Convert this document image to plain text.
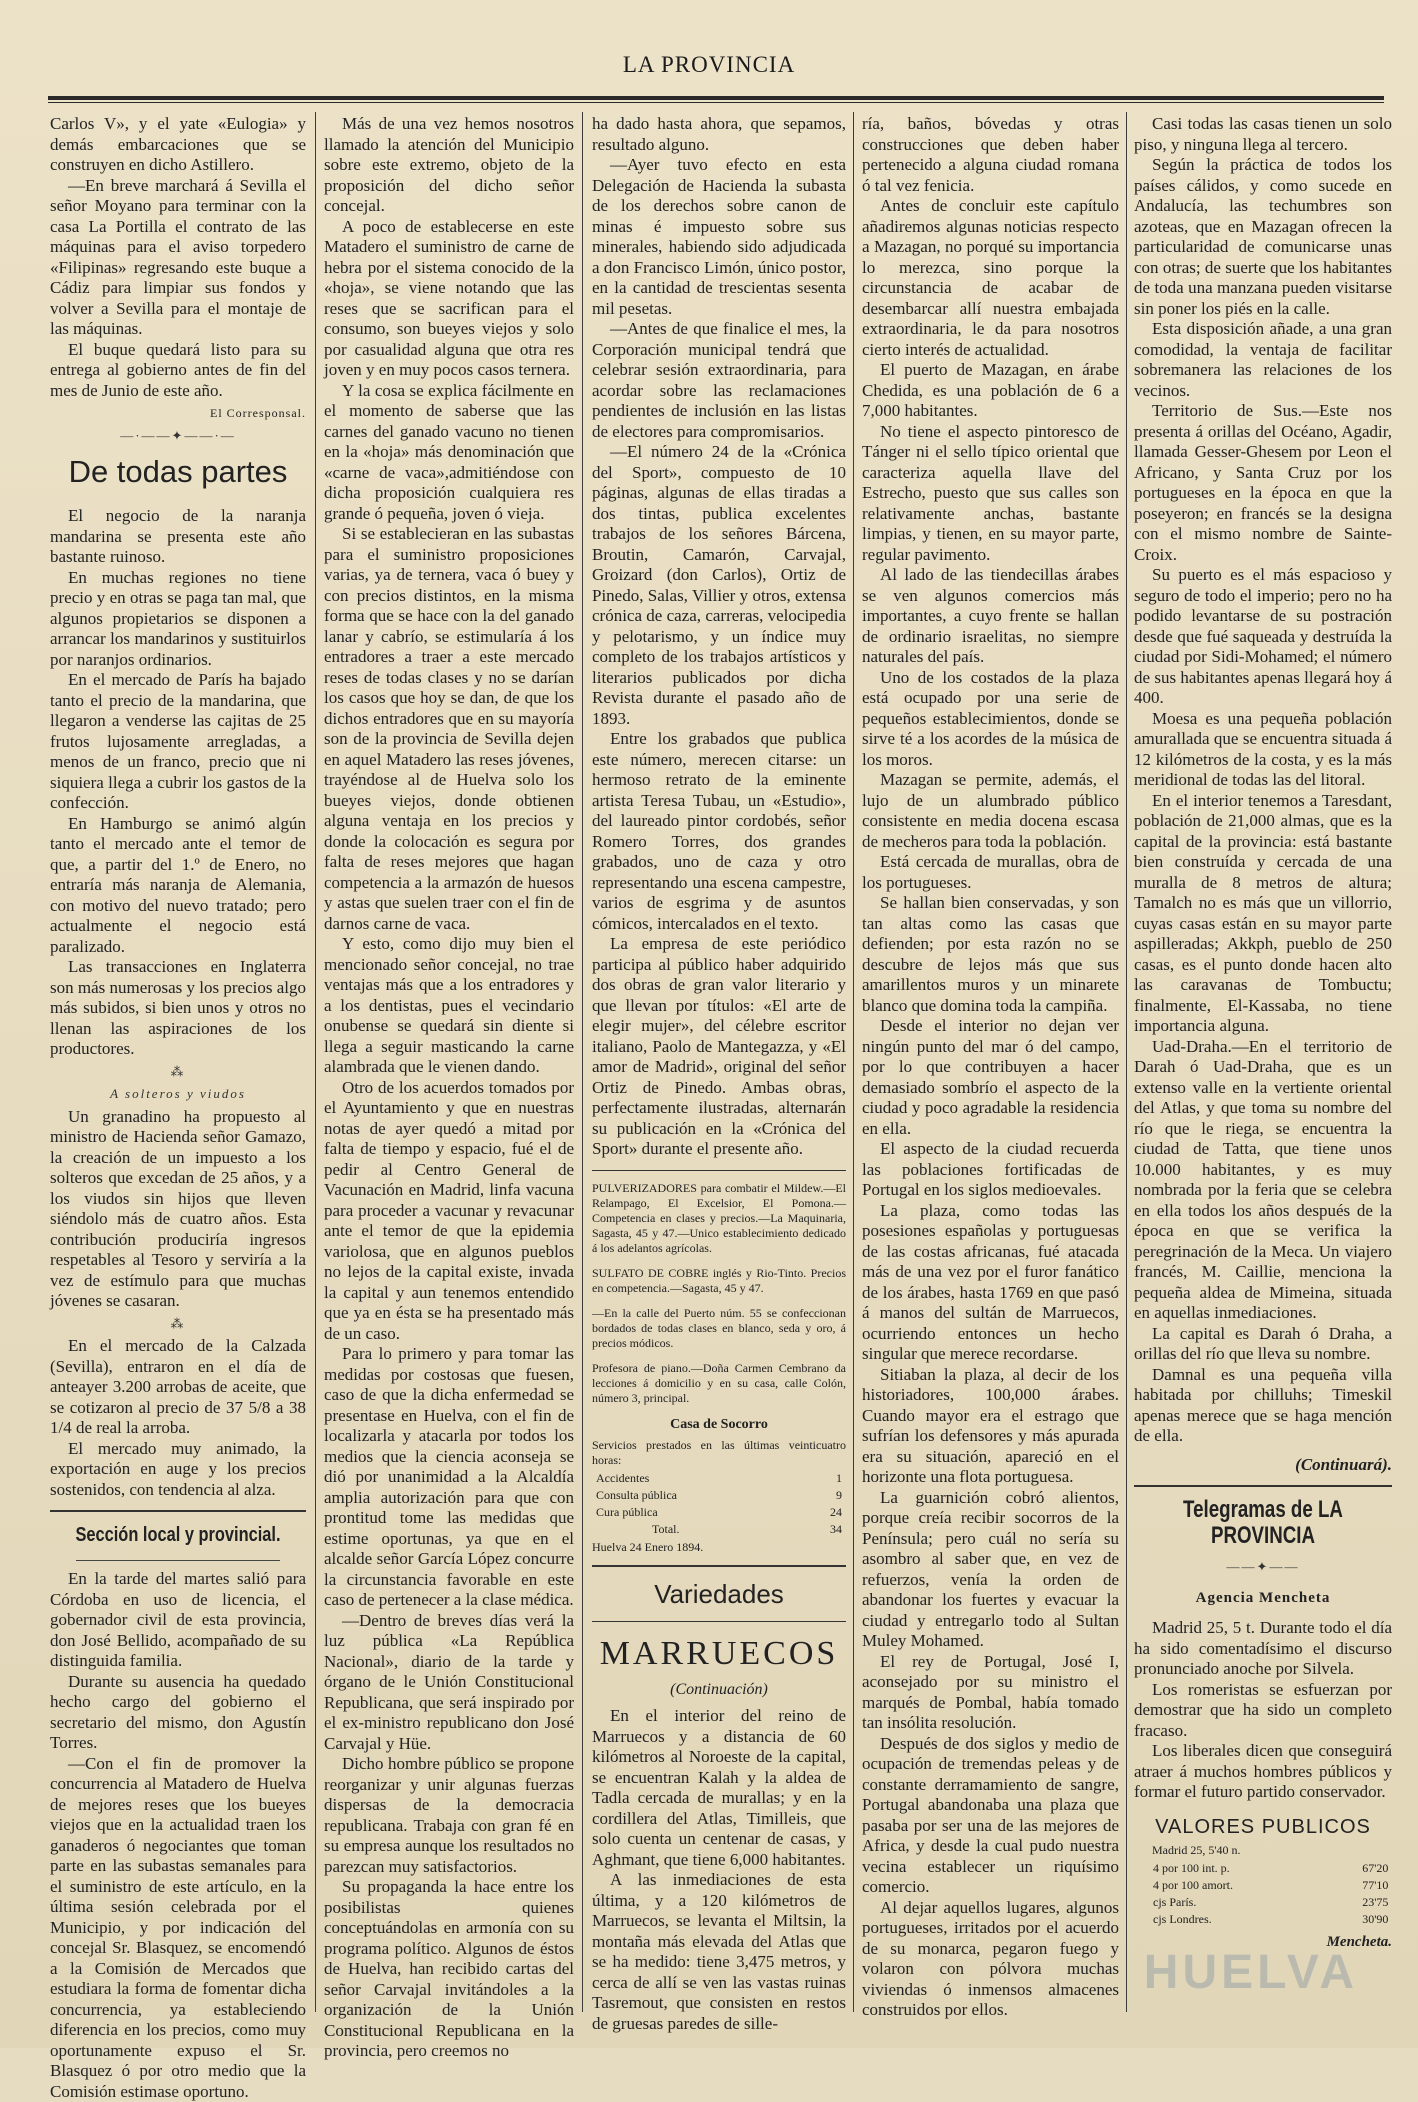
LA PROVINCIA

Carlos V», y el yate «Eulogia» y demás embarcaciones que se construyen en dicho Astillero.

—En breve marchará á Sevilla el señor Moyano para terminar con la casa La Portilla el contrato de las máquinas para el aviso torpedero «Filipinas» regresando este buque a Cádiz para limpiar sus fondos y volver a Sevilla para el montaje de las máquinas.

El buque quedará listo para su entrega al gobierno antes de fin del mes de Junio de este año.

El Corresponsal.
—·——✦——·—
De todas partes

El negocio de la naranja mandarina se presenta este año bastante ruinoso.

En muchas regiones no tiene precio y en otras se paga tan mal, que algunos propietarios se disponen a arrancar los mandarinos y sustituirlos por naranjos ordinarios.

En el mercado de París ha bajado tanto el precio de la mandarina, que llegaron a venderse las cajitas de 25 frutos lujosamente arregladas, a menos de un franco, precio que ni siquiera llega a cubrir los gastos de la confección.

En Hamburgo se animó algún tanto el mercado ante el temor de que, a partir del 1.º de Enero, no entraría más naranja de Alemania, con motivo del nuevo tratado; pero actualmente el negocio está paralizado.

Las transacciones en Inglaterra son más numerosas y los precios algo más subidos, si bien unos y otros no llenan las aspiraciones de los productores.

⁂
A solteros y viudos

Un granadino ha propuesto al ministro de Hacienda señor Gamazo, la creación de un impuesto a los solteros que excedan de 25 años, y a los viudos sin hijos que lleven siéndolo más de cuatro años. Esta contribución produciría ingresos respetables al Tesoro y serviría a la vez de estímulo para que muchas jóvenes se casaran.

⁂

En el mercado de la Calzada (Sevilla), entraron en el día de anteayer 3.200 arrobas de aceite, que se cotizaron al precio de 37 5/8 a 38 1/4 de real la arroba.

El mercado muy animado, la exportación en auge y los precios sostenidos, con tendencia al alza.

Sección local y provincial.

En la tarde del martes salió para Córdoba en uso de licencia, el gobernador civil de esta provincia, don José Bellido, acompañado de su distinguida familia.

Durante su ausencia ha quedado hecho cargo del gobierno el secretario del mismo, don Agustín Torres.

—Con el fin de promover la concurrencia al Matadero de Huelva de mejores reses que los bueyes viejos que en la actualidad traen los ganaderos ó negociantes que toman parte en las subastas semanales para el suministro de este artículo, en la última sesión celebrada por el Municipio, y por indicación del concejal Sr. Blasquez, se encomendó a la Comisión de Mercados que estudiara la forma de fomentar dicha concurrencia, ya estableciendo diferencia en los precios, como muy oportunamente expuso el Sr. Blasquez ó por otro medio que la Comisión estimase oportuno.

Más de una vez hemos nosotros llamado la atención del Municipio sobre este extremo, objeto de la proposición del dicho señor concejal.

A poco de establecerse en este Matadero el suministro de carne de hebra por el sistema conocido de la «hoja», se viene notando que las reses que se sacrifican para el consumo, son bueyes viejos y solo por casualidad alguna que otra res joven y en muy pocos casos ternera.

Y la cosa se explica fácilmente en el momento de saberse que las carnes del ganado vacuno no tienen en la «hoja» más denominación que «carne de vaca»,admitiéndose con dicha proposición cualquiera res grande ó pequeña, joven ó vieja.

Si se establecieran en las subastas para el suministro proposiciones varias, ya de ternera, vaca ó buey y con precios distintos, en la misma forma que se hace con la del ganado lanar y cabrío, se estimularía á los entradores a traer a este mercado reses de todas clases y no se darían los casos que hoy se dan, de que los dichos entradores que en su mayoría son de la provincia de Sevilla dejen en aquel Matadero las reses jóvenes, trayéndose al de Huelva solo los bueyes viejos, donde obtienen alguna ventaja en los precios y donde la colocación es segura por falta de reses mejores que hagan competencia a la armazón de huesos y astas que suelen traer con el fin de darnos carne de vaca.

Y esto, como dijo muy bien el mencionado señor concejal, no trae ventajas más que a los entradores y a los dentistas, pues el vecindario onubense se quedará sin diente si llega a seguir masticando la carne alambrada que le vienen dando.

Otro de los acuerdos tomados por el Ayuntamiento y que en nuestras notas de ayer quedó a mitad por falta de tiempo y espacio, fué el de pedir al Centro General de Vacunación en Madrid, linfa vacuna para proceder a vacunar y revacunar ante el temor de que la epidemia variolosa, que en algunos pueblos no lejos de la capital existe, invada la capital y aun tenemos entendido que ya en ésta se ha presentado más de un caso.

Para lo primero y para tomar las medidas por costosas que fuesen, caso de que la dicha enfermedad se presentase en Huelva, con el fin de localizarla y atacarla por todos los medios que la ciencia aconseja se dió por unanimidad a la Alcaldía amplia autorización para que con prontitud tome las medidas que estime oportunas, ya que en el alcalde señor García López concurre la circunstancia favorable en este caso de pertenecer a la clase médica.

—Dentro de breves días verá la luz pública «La República Nacional», diario de la tarde y órgano de le Unión Constitucional Republicana, que será inspirado por el ex-ministro republicano don José Carvajal y Hüe.

Dicho hombre público se propone reorganizar y unir algunas fuerzas dispersas de la democracia republicana. Trabaja con gran fé en su empresa aunque los resultados no parezcan muy satisfactorios.

Su propaganda la hace entre los posibilistas quienes conceptuándolas en armonía con su programa político. Algunos de éstos de Huelva, han recibido cartas del señor Carvajal invitándoles a la organización de la Unión Constitucional Republicana en la provincia, pero creemos no

ha dado hasta ahora, que sepamos, resultado alguno.

—Ayer tuvo efecto en esta Delegación de Hacienda la subasta de los derechos sobre canon de minas é impuesto sobre sus minerales, habiendo sido adjudicada a don Francisco Limón, único postor, en la cantidad de trescientas sesenta mil pesetas.

—Antes de que finalice el mes, la Corporación municipal tendrá que celebrar sesión extraordinaria, para acordar sobre las reclamaciones pendientes de inclusión en las listas de electores para compromisarios.

—El número 24 de la «Crónica del Sport», compuesto de 10 páginas, algunas de ellas tiradas a dos tintas, publica excelentes trabajos de los señores Bárcena, Broutin, Camarón, Carvajal, Groizard (don Carlos), Ortiz de Pinedo, Salas, Villier y otros, extensa crónica de caza, carreras, velocipedia y pelotarismo, y un índice muy completo de los trabajos artísticos y literarios publicados por dicha Revista durante el pasado año de 1893.

Entre los grabados que publica este número, merecen citarse: un hermoso retrato de la eminente artista Teresa Tubau, un «Estudio», del laureado pintor cordobés, señor Romero Torres, dos grandes grabados, uno de caza y otro representando una escena campestre, varios de esgrima y de asuntos cómicos, intercalados en el texto.

La empresa de este periódico participa al público haber adquirido dos obras de gran valor literario y que llevan por títulos: «El arte de elegir mujer», del célebre escritor italiano, Paolo de Mantegazza, y «El amor de Madrid», original del señor Ortiz de Pinedo. Ambas obras, perfectamente ilustradas, alternarán su publicación en la «Crónica del Sport» durante el presente año.

PULVERIZADORES para combatir el Mildew.—El Relampago, El Excelsior, El Pomona.—Competencia en clases y precios.—La Maquinaria, Sagasta, 45 y 47.—Unico establecimiento dedicado á los adelantos agrícolas.
SULFATO DE COBRE inglés y Rio-Tinto. Precios en competencia.—Sagasta, 45 y 47.
—En la calle del Puerto núm. 55 se confeccionan bordados de todas clases en blanco, seda y oro, á precios módicos.
Profesora de piano.—Doña Carmen Cembrano da lecciones á domicilio y en su casa, calle Colón, número 3, principal.
Casa de Socorro
Servicios prestados en las últimas veinticuatro horas:
Accidentes	1
Consulta pública	9
Cura pública	24
Total.	34
Huelva 24 Enero 1894.
Variedades
MARRUECOS
(Continuación)

En el interior del reino de Marruecos y a distancia de 60 kilómetros al Noroeste de la capital, se encuentran Kalah y la aldea de Tadla cercada de murallas; y en la cordillera del Atlas, Timilleis, que solo cuenta un centenar de casas, y Aghmant, que tiene 6,000 habitantes.

A las inmediaciones de esta última, y a 120 kilómetros de Marruecos, se levanta el Miltsin, la montaña más elevada del Atlas que se ha medido: tiene 3,475 metros, y cerca de allí se ven las vastas ruinas Tasremout, que consisten en restos de gruesas paredes de sille-

ría, baños, bóvedas y otras construcciones que deben haber pertenecido a alguna ciudad romana ó tal vez fenicia.

Antes de concluir este capítulo añadiremos algunas noticias respecto a Mazagan, no porqué su importancia lo merezca, sino porque la circunstancia de acabar de desembarcar allí nuestra embajada extraordinaria, le da para nosotros cierto interés de actualidad.

El puerto de Mazagan, en árabe Chedida, es una población de 6 a 7,000 habitantes.

No tiene el aspecto pintoresco de Tánger ni el sello típico oriental que caracteriza aquella llave del Estrecho, puesto que sus calles son relativamente anchas, bastante limpias, y tienen, en su mayor parte, regular pavimento.

Al lado de las tiendecillas árabes se ven algunos comercios más importantes, a cuyo frente se hallan de ordinario israelitas, no siempre naturales del país.

Uno de los costados de la plaza está ocupado por una serie de pequeños establecimientos, donde se sirve té a los acordes de la música de los moros.

Mazagan se permite, además, el lujo de un alumbrado público consistente en media docena escasa de mecheros para toda la población.

Está cercada de murallas, obra de los portugueses.

Se hallan bien conservadas, y son tan altas como las casas que defienden; por esta razón no se descubre de lejos más que sus amarillentos muros y un minarete blanco que domina toda la campiña.

Desde el interior no dejan ver ningún punto del mar ó del campo, por lo que contribuyen a hacer demasiado sombrío el aspecto de la ciudad y poco agradable la residencia en ella.

El aspecto de la ciudad recuerda las poblaciones fortificadas de Portugal en los siglos medioevales.

La plaza, como todas las posesiones españolas y portuguesas de las costas africanas, fué atacada más de una vez por el furor fanático de los árabes, hasta 1769 en que pasó á manos del sultán de Marruecos, ocurriendo entonces un hecho singular que merece recordarse.

Sitiaban la plaza, al decir de los historiadores, 100,000 árabes. Cuando mayor era el estrago que sufrían los defensores y más apurada era su situación, apareció en el horizonte una flota portuguesa.

La guarnición cobró alientos, porque creía recibir socorros de la Península; pero cuál no sería su asombro al saber que, en vez de refuerzos, venía la orden de abandonar los fuertes y evacuar la ciudad y entregarlo todo al Sultan Muley Mohamed.

El rey de Portugal, José I, aconsejado por su ministro el marqués de Pombal, había tomado tan insólita resolución.

Después de dos siglos y medio de ocupación de tremendas peleas y de constante derramamiento de sangre, Portugal abandonaba una plaza que pasaba por ser una de las mejores de Africa, y desde la cual pudo nuestra vecina establecer un riquísimo comercio.

Al dejar aquellos lugares, algunos portugueses, irritados por el acuerdo de su monarca, pegaron fuego y volaron con pólvora muchas viviendas ó inmensos almacenes construidos por ellos.

Casi todas las casas tienen un solo piso, y ninguna llega al tercero.

Según la práctica de todos los países cálidos, y como sucede en Andalucía, las techumbres son azoteas, que en Mazagan ofrecen la particularidad de comunicarse unas con otras; de suerte que los habitantes de toda una manzana pueden visitarse sin poner los piés en la calle.

Esta disposición añade, a una gran comodidad, la ventaja de facilitar sobremanera las relaciones de los vecinos.

Territorio de Sus.—Este nos presenta á orillas del Océano, Agadir, llamada Gesser-Ghesem por Leon el Africano, y Santa Cruz por los portugueses en la época en que la poseyeron; en francés se la designa con el mismo nombre de Sainte-Croix.

Su puerto es el más espacioso y seguro de todo el imperio; pero no ha podido levantarse de su postración desde que fué saqueada y destruída la ciudad por Sidi-Mohamed; el número de sus habitantes apenas llegará hoy á 400.

Moesa es una pequeña población amurallada que se encuentra situada á 12 kilómetros de la costa, y es la más meridional de todas las del litoral.

En el interior tenemos a Taresdant, población de 21,000 almas, que es la capital de la provincia: está bastante bien construída y cercada de una muralla de 8 metros de altura; Tamalch no es más que un villorrio, cuyas casas están en su mayor parte aspilleradas; Akkph, pueblo de 250 casas, es el punto donde hacen alto las caravanas de Tombuctu; finalmente, El-Kassaba, no tiene importancia alguna.

Uad-Draha.—En el territorio de Darah ó Uad-Draha, que es un extenso valle en la vertiente oriental del Atlas, y que toma su nombre del río que le riega, se encuentra la ciudad de Tatta, que tiene unos 10.000 habitantes, y es muy nombrada por la feria que se celebra en ella todos los años después de la época en que se verifica la peregrinación de la Meca. Un viajero francés, M. Caillie, menciona la pequeña aldea de Mimeina, situada en aquellas inmediaciones.

La capital es Darah ó Draha, a orillas del río que lleva su nombre.

Damnal es una pequeña villa habitada por chilluhs; Timeskil apenas merece que se haga mención de ella.

(Continuará).
Telegramas de LA PROVINCIA
——✦——
Agencia Mencheta

Madrid 25, 5 t. Durante todo el día ha sido comentadísimo el discurso pronunciado anoche por Silvela.

Los romeristas se esfuerzan por demostrar que ha sido un completo fracaso.

Los liberales dicen que conseguirá atraer á muchos hombres públicos y formar el futuro partido conservador.

VALORES PUBLICOS
Madrid 25, 5'40 n.
4 por 100 int. p.	67'20
4 por 100 amort.	77'10
cjs París.	23'75
cjs Londres.	30'90
Mencheta.
HUELVA
